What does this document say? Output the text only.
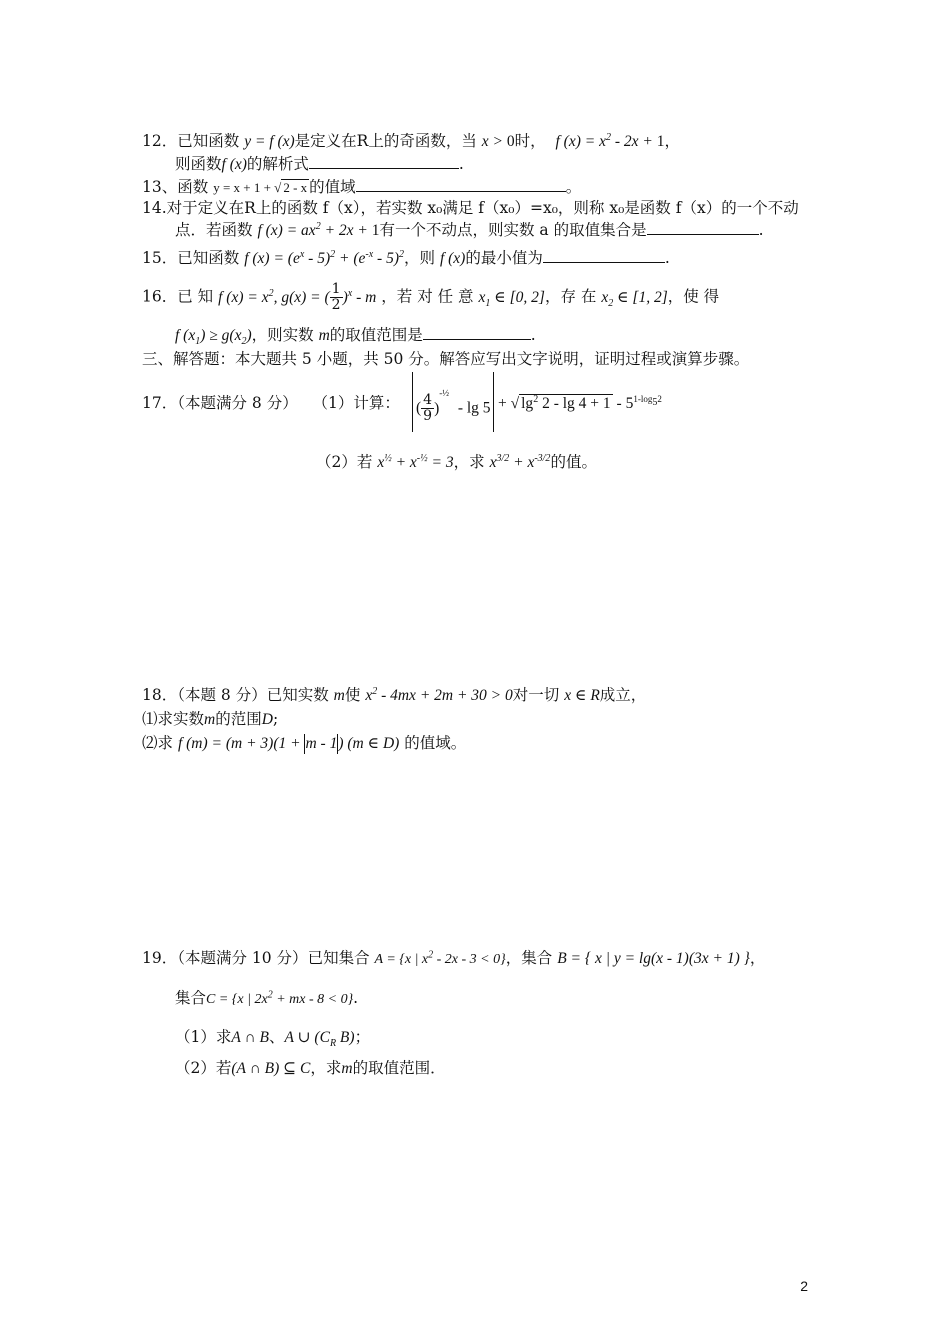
12．已知函数 y = f (x)是定义在R上的奇函数，当 x > 0时， f $(x) = x^2 - 2x + 1$，
则函数f (x)的解析式	.
13、函数 y = x + 1 + √ 2 - x 的值域	。
14.对于定义在R上的函数 f（x），若实数 x₀满足 f（x₀）=x₀，则称 x₀是函数 f（x）的一个不动
点．若函数 f $(x) = ax^2 + 2x + 1$有一个不动点，则实数 a 的取值集合是	.
15．已知函数 f $(x) = (e^x - 5)^2 + (e^{-x} - 5)^2$，则 f (x)的最小值为	.
16．已 知 f $(x) = x^2$, g(x) = ( $\frac{1}{2} )^x$ - m ，若 对 任 意 $x_1$ ∈ [0, 2]，存 在 $x_2$ ∈ [1, 2]，使 得
f $(x_1) \ge g(x_2)$，则实数 m的取值范围是	.
三、解答题：本大题共 5 小题，共 50 分。解答应写出文字说明，证明过程或演算步骤。
17．（本题满分 8 分） （1）计算： ( $\frac{4}{9} )^{-\frac{1}{2}}$  - lg 5 + √ $\lg^2 2 - \lg 4 + 1 - 5^{1-log_52}$
（2）若 $x^{\frac{1}{2}} + x^{-\frac{1}{2}} = 3$，求 $x^{3/2} + x^{-3/2}$的值。
18．（本题 8 分）已知实数 m使 $x^2 - 4mx + 2m + 30 > 0$对一切 x ∈ R成立，
⑴求实数m的范围D;
⑵求 f (m) = (m + 3)(1 + m - 1) (m ∈ D) 的值域。
19．（本题满分 10 分）已知集合 A = {x | $x^2 - 2x - 3 < 0$}，集合 B = { x | y = lg(x - 1)(3x + 1) }，
集合C = {x | $2x^2$ + mx - 8 < 0}.
（1）求A ∩ B、A ∪ ($C_R$ B)；
（2）若(A ∩ B) ⊆ C，求m的取值范围．
2
